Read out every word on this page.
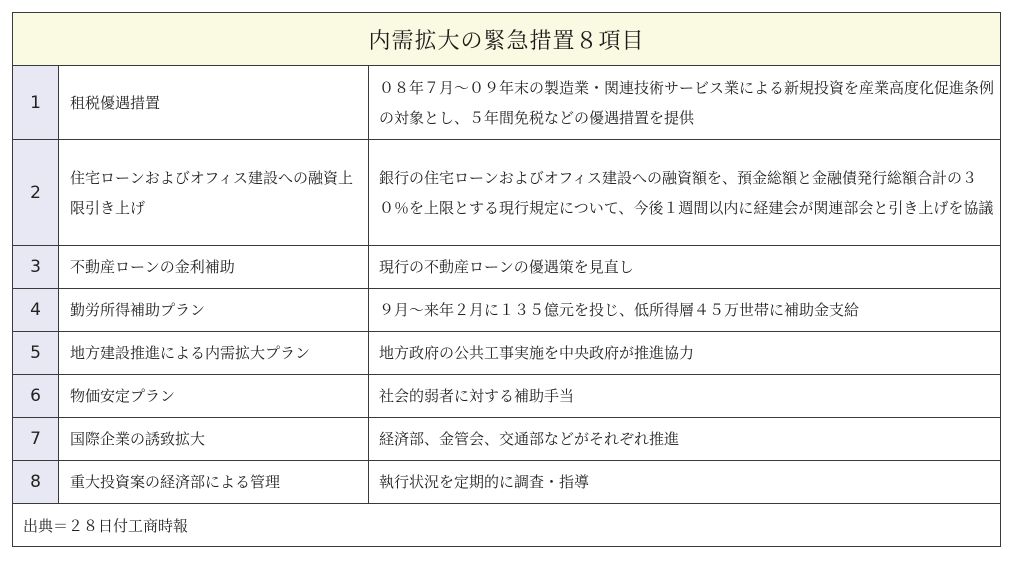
内需拡大の緊急措置８項目		
1	租税優遇措置	０８年７月～０９年末の製造業・関連技術サービス業による新規投資を産業高度化促進条例の対象とし、５年間免税などの優遇措置を提供
2	住宅ローンおよびオフィス建設への融資上限引き上げ	銀行の住宅ローンおよびオフィス建設への融資額を、預金総額と金融債発行総額合計の３０％を上限とする現行規定について、今後１週間以内に経建会が関連部会と引き上げを協議
3	不動産ローンの金利補助	現行の不動産ローンの優遇策を見直し
4	勤労所得補助プラン	９月～来年２月に１３５億元を投じ、低所得層４５万世帯に補助金支給
5	地方建設推進による内需拡大プラン	地方政府の公共工事実施を中央政府が推進協力
6	物価安定プラン	社会的弱者に対する補助手当
7	国際企業の誘致拡大	経済部、金管会、交通部などがそれぞれ推進
8	重大投資案の経済部による管理	執行状況を定期的に調査・指導
出典＝２８日付工商時報		
